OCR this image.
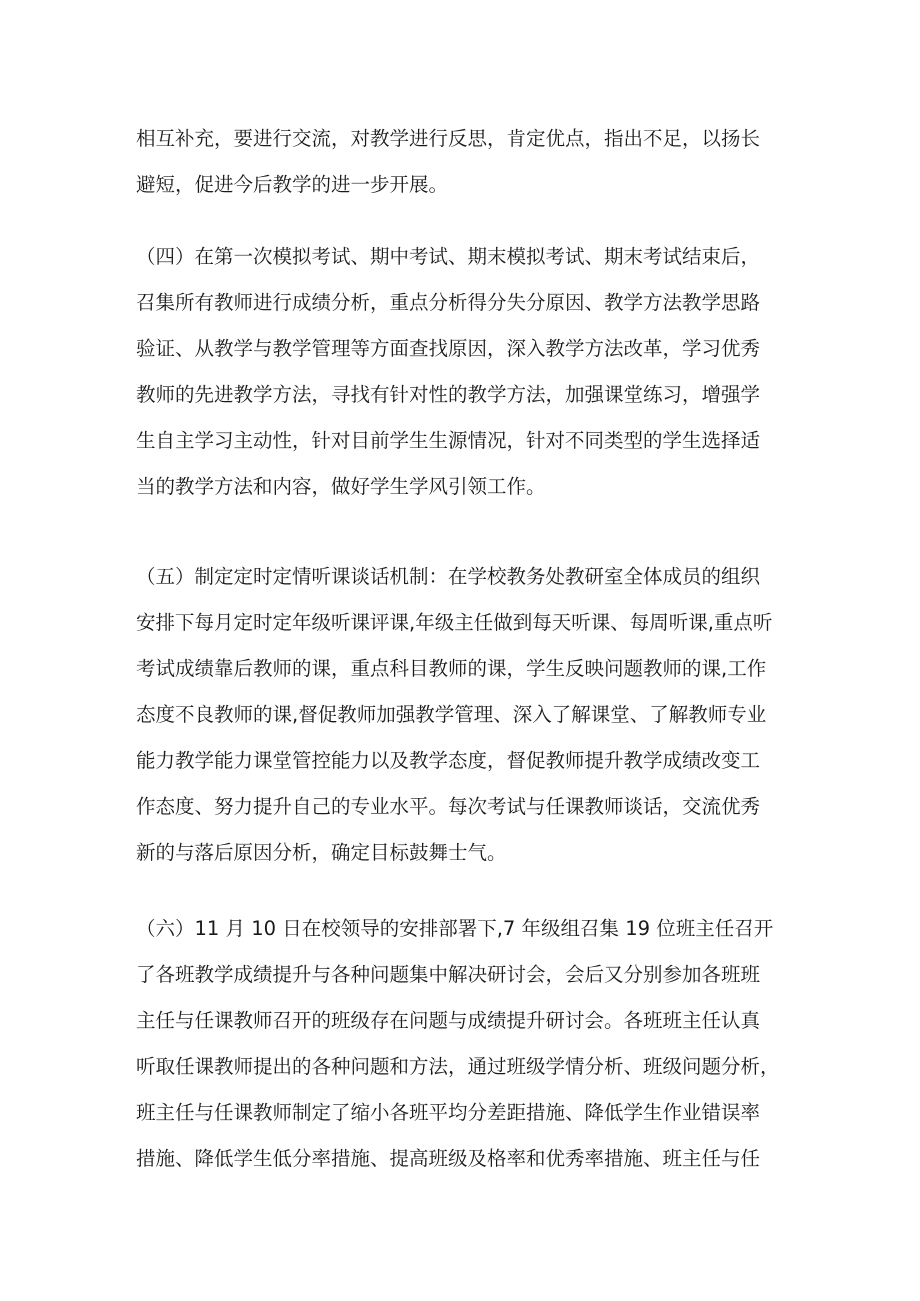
相互补充，要进行交流，对教学进行反思，肯定优点，指出不足，以扬长
避短，促进今后教学的进一步开展。
（四）在第一次模拟考试、期中考试、期末模拟考试、期末考试结束后，
召集所有教师进行成绩分析，重点分析得分失分原因、教学方法教学思路
验证、从教学与教学管理等方面查找原因，深入教学方法改革，学习优秀
教师的先进教学方法，寻找有针对性的教学方法，加强课堂练习，增强学
生自主学习主动性，针对目前学生生源情况，针对不同类型的学生选择适
当的教学方法和内容，做好学生学风引领工作。
（五）制定定时定情听课谈话机制：在学校教务处教研室全体成员的组织
安排下每月定时定年级听课评课,年级主任做到每天听课、每周听课,重点听
考试成绩靠后教师的课，重点科目教师的课，学生反映问题教师的课,工作
态度不良教师的课,督促教师加强教学管理、深入了解课堂、了解教师专业
能力教学能力课堂管控能力以及教学态度，督促教师提升教学成绩改变工
作态度、努力提升自己的专业水平。每次考试与任课教师谈话，交流优秀
新的与落后原因分析，确定目标鼓舞士气。
（六）11 月 10 日在校领导的安排部署下,7 年级组召集 19 位班主任召开
了各班教学成绩提升与各种问题集中解决研讨会，会后又分别参加各班班
主任与任课教师召开的班级存在问题与成绩提升研讨会。各班班主任认真
听取任课教师提出的各种问题和方法，通过班级学情分析、班级问题分析，
班主任与任课教师制定了缩小各班平均分差距措施、降低学生作业错误率
措施、降低学生低分率措施、提高班级及格率和优秀率措施、班主任与任
